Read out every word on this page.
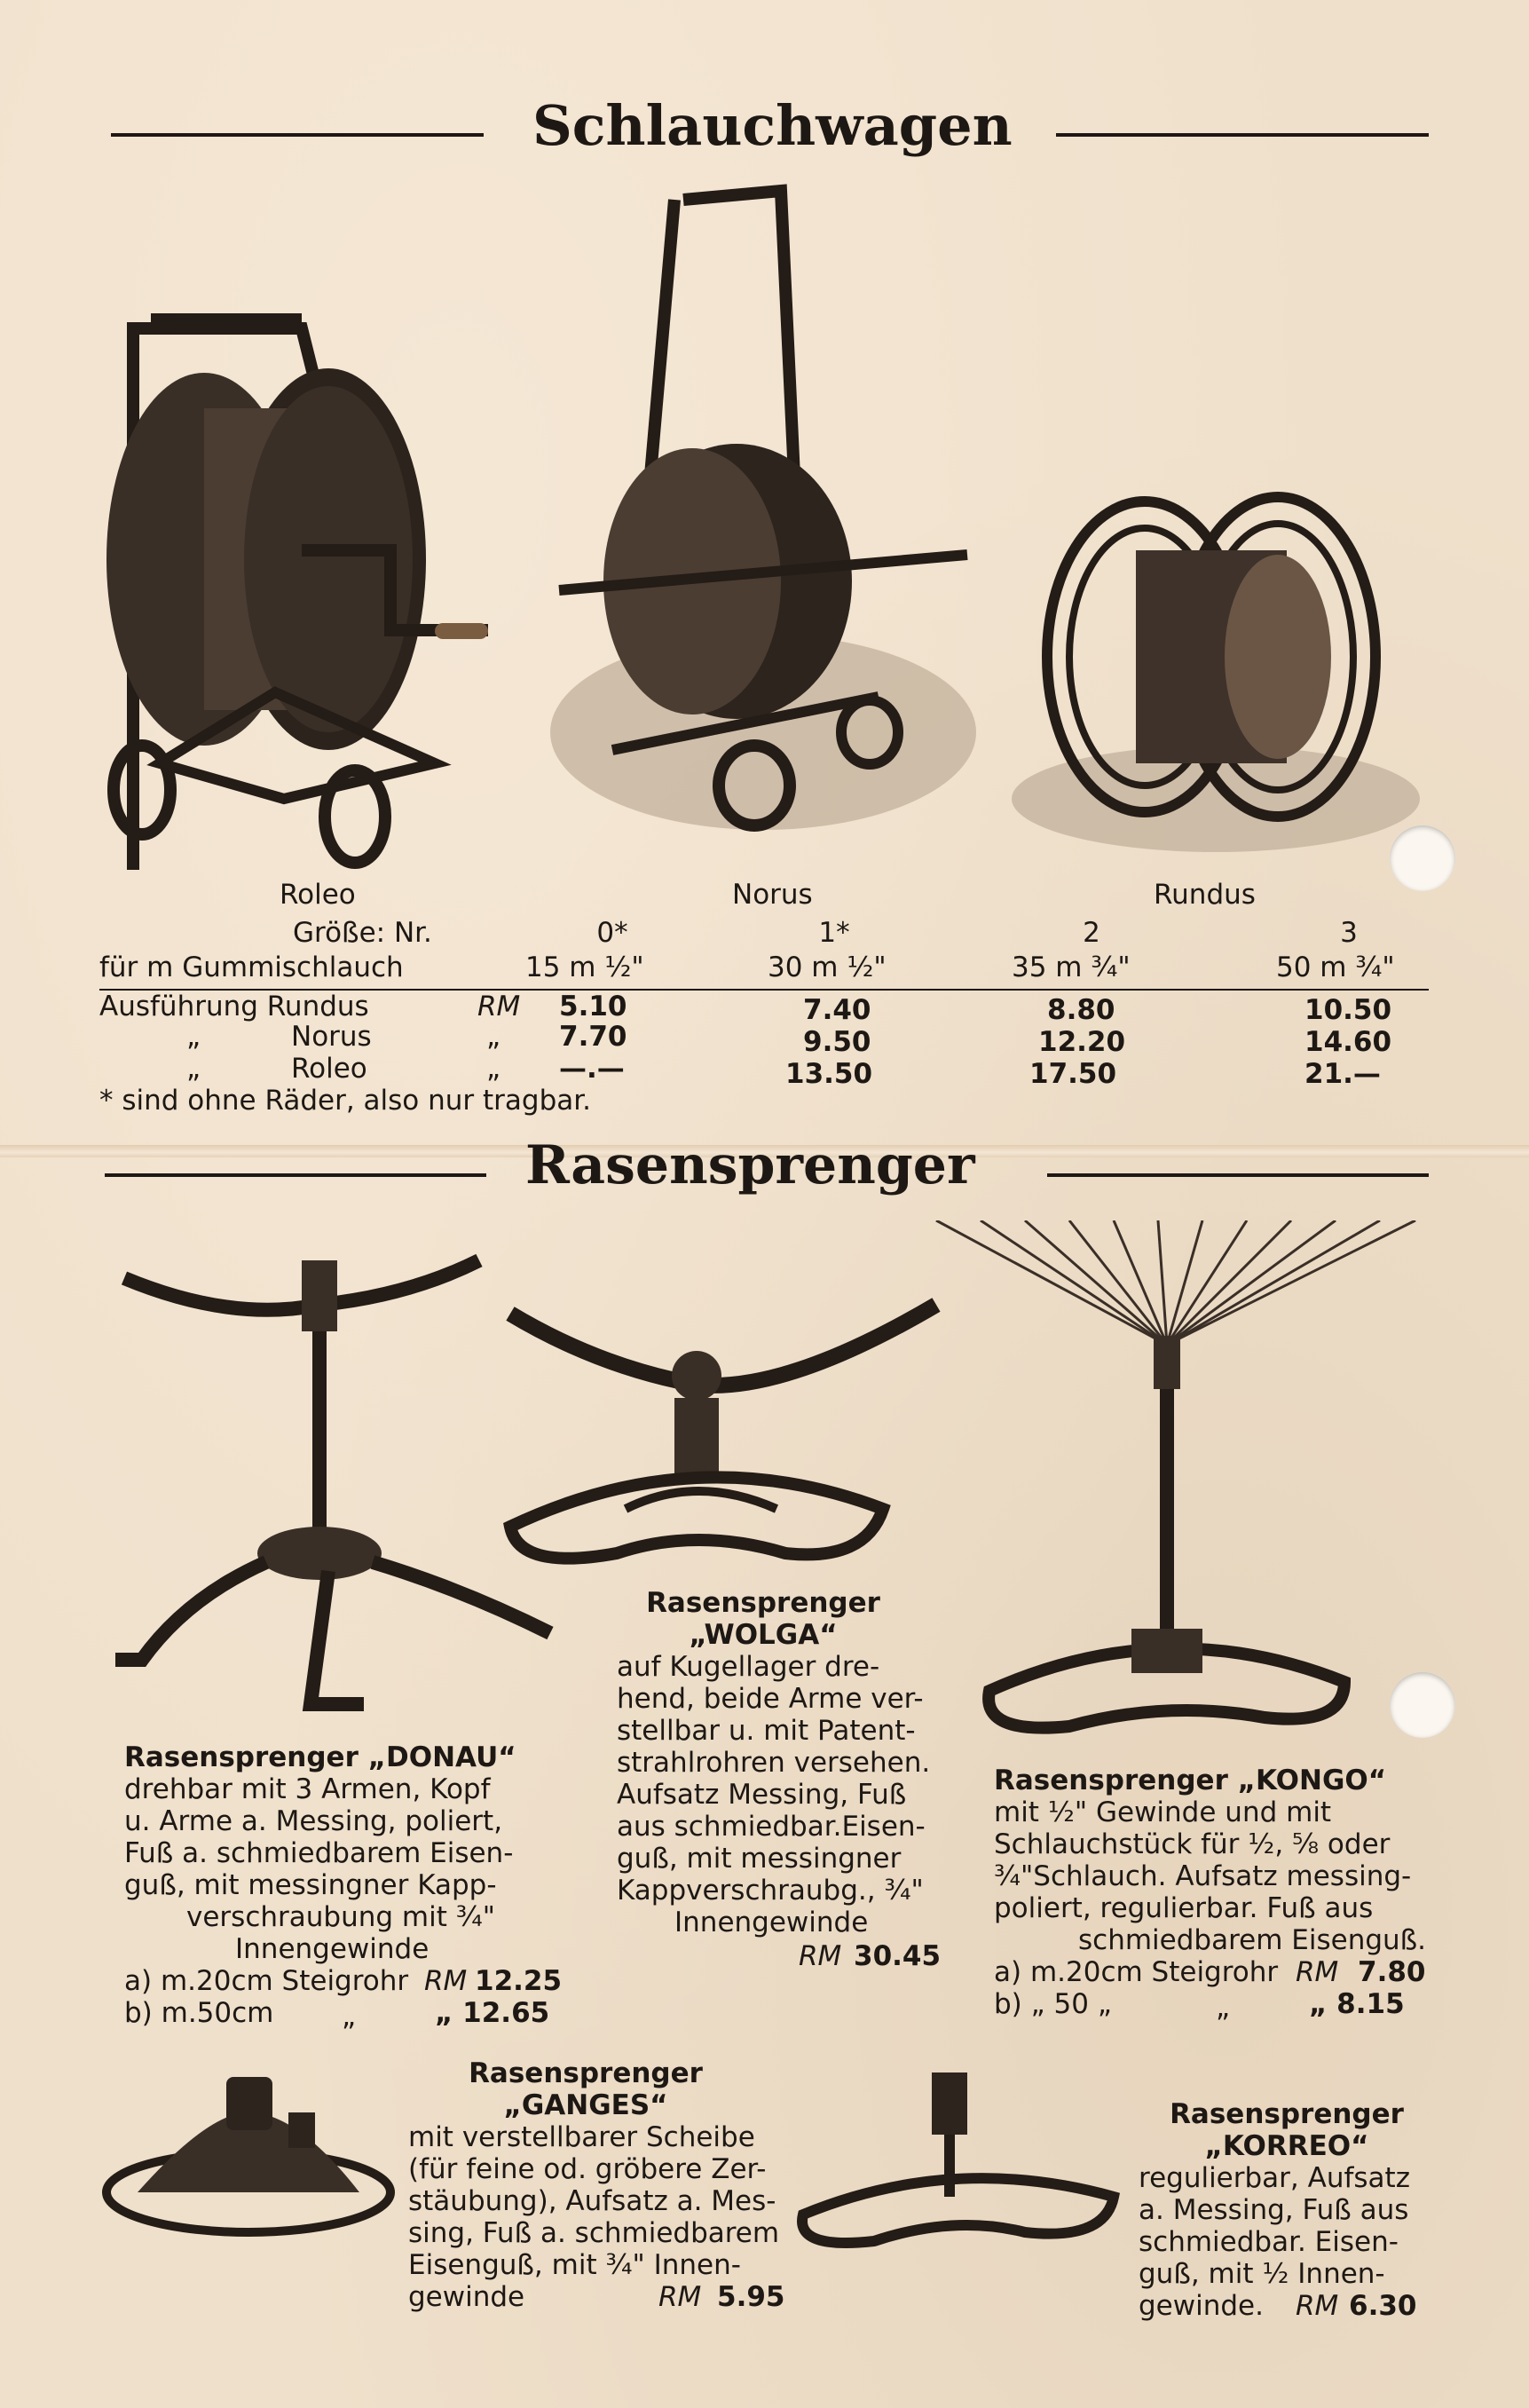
Schlauchwagen
Roleo	Norus	Rundus
Größe: Nr.
für m Gummischlauch
0*	1*	2	3
15 m ½"	30 m ½"	35 m ¾"	50 m ¾"
Ausführung Rundus	RM 5.10	7.40	8.80	10.50
„	Norus	„ 7.70	9.50	12.20	14.60
„	Roleo	„ —.—	13.50	17.50	21.—
* sind ohne Räder, also nur tragbar.
Rasensprenger
Rasensprenger „DONAU“
drehbar mit 3 Armen, Kopf
u. Arme a. Messing, poliert,
Fuß a. schmiedbarem Eisen-
guß, mit messingner Kapp-
verschraubung mit ¾"
Innengewinde
a) m.20cm Steigrohr RM 12.25
b) m.50cm „	„ 12.65
Rasensprenger
„WOLGA“
auf Kugellager dre-
hend, beide Arme ver-
stellbar u. mit Patent-
strahlrohren versehen.
Aufsatz Messing, Fuß
aus schmiedbar.Eisen-
guß, mit messingner
Kappverschraubg., ¾"
Innengewinde
RM 30.45
Rasensprenger „KONGO“
mit ½" Gewinde und mit
Schlauchstück für ½, ⅝ oder
¾"Schlauch. Aufsatz messing-
poliert, regulierbar. Fuß aus
schmiedbarem Eisenguß.
a) m.20cm Steigrohr RM 7.80
b) „ 50 „	„	„ 8.15
Rasensprenger
„GANGES“
mit verstellbarer Scheibe
(für feine od. gröbere Zer-
stäubung), Aufsatz a. Mes-
sing, Fuß a. schmiedbarem
Eisenguß, mit ¾" Innen-
gewinde	RM 5.95
Rasensprenger
„KORREO“
regulierbar, Aufsatz
a. Messing, Fuß aus
schmiedbar. Eisen-
guß, mit ½ Innen-
gewinde. RM 6.30
